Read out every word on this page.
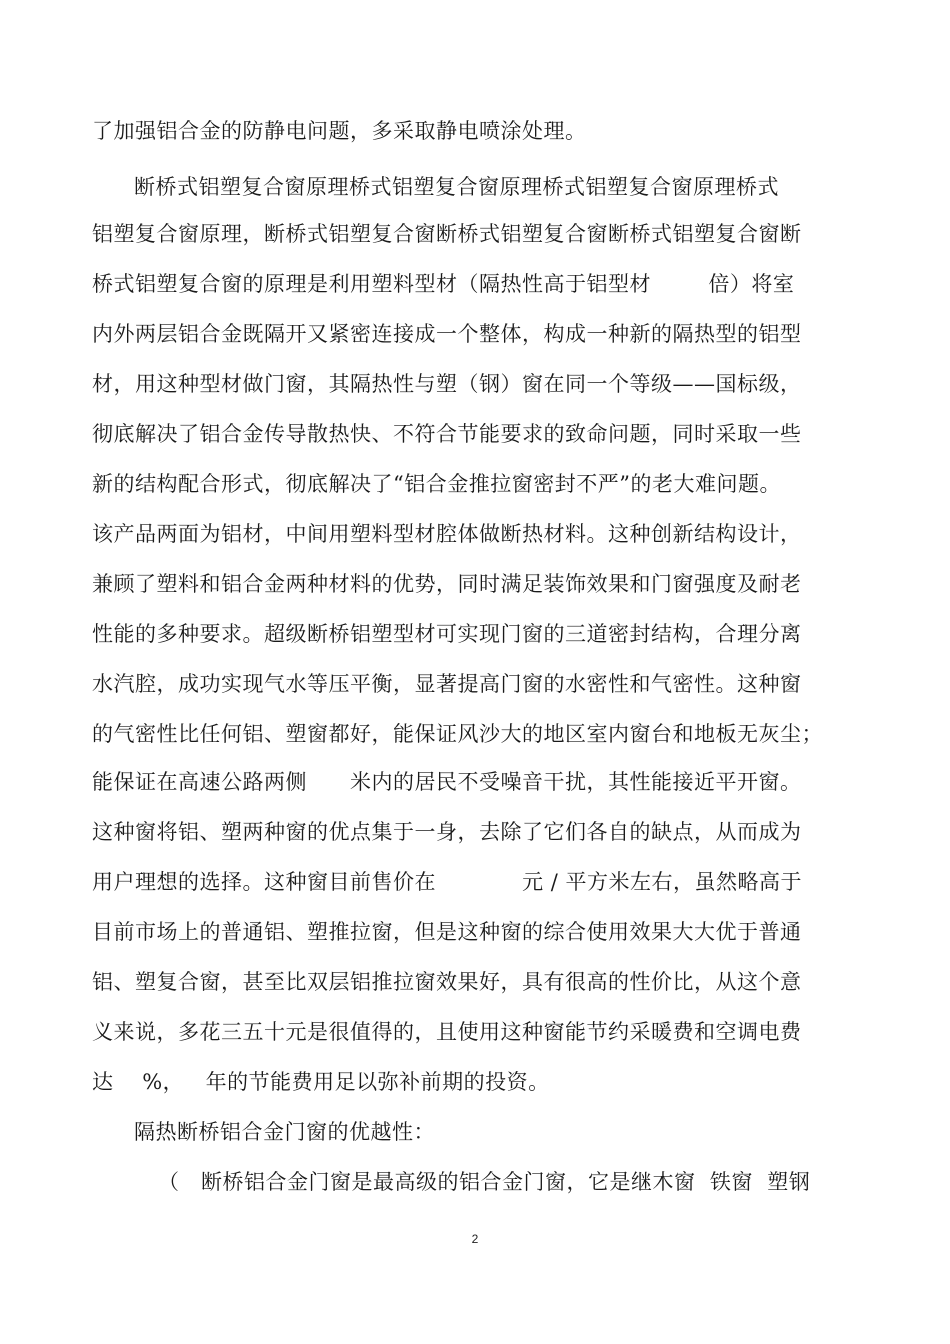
了加强铝合金的防静电问题，多采取静电喷涂处理。
断桥式铝塑复合窗原理桥式铝塑复合窗原理桥式铝塑复合窗原理桥式
铝塑复合窗原理，断桥式铝塑复合窗断桥式铝塑复合窗断桥式铝塑复合窗断
桥式铝塑复合窗的原理是利用塑料型材（隔热性高于铝型材        倍）将室
内外两层铝合金既隔开又紧密连接成一个整体，构成一种新的隔热型的铝型
材，用这种型材做门窗，其隔热性与塑（钢）窗在同一个等级——国标级，
彻底解决了铝合金传导散热快、不符合节能要求的致命问题，同时采取一些
新的结构配合形式，彻底解决了“铝合金推拉窗密封不严”的老大难问题。
该产品两面为铝材，中间用塑料型材腔体做断热材料。这种创新结构设计，
兼顾了塑料和铝合金两种材料的优势，同时满足装饰效果和门窗强度及耐老
性能的多种要求。超级断桥铝塑型材可实现门窗的三道密封结构，合理分离
水汽腔，成功实现气水等压平衡，显著提高门窗的水密性和气密性。这种窗
的气密性比任何铝、塑窗都好，能保证风沙大的地区室内窗台和地板无灰尘；
能保证在高速公路两侧      米内的居民不受噪音干扰，其性能接近平开窗。
这种窗将铝、塑两种窗的优点集于一身，去除了它们各自的缺点，从而成为
用户理想的选择。这种窗目前售价在            元 / 平方米左右，虽然略高于
目前市场上的普通铝、塑推拉窗，但是这种窗的综合使用效果大大优于普通
铝、塑复合窗，甚至比双层铝推拉窗效果好，具有很高的性价比，从这个意
义来说，多花三五十元是很值得的，且使用这种窗能节约采暖费和空调电费
达    %，   年的节能费用足以弥补前期的投资。
隔热断桥铝合金门窗的优越性：
（   断桥铝合金门窗是最高级的铝合金门窗，它是继木窗  铁窗  塑钢
2
